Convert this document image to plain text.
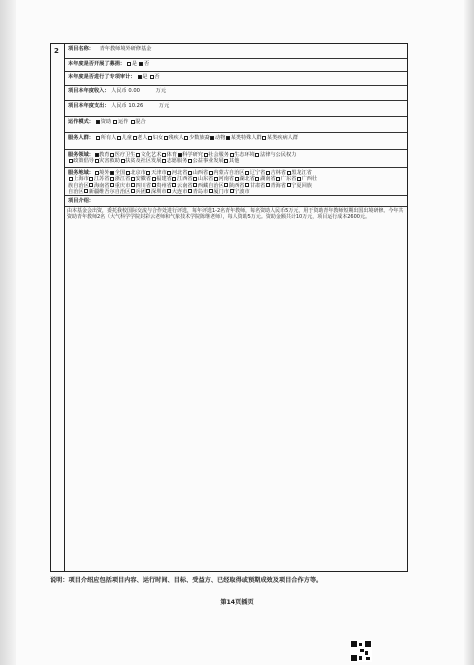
2	项目名称： 青年教师境外研修基金
本年度是否开展了募捐： 是 否
本年度是否进行了专项审计： 是 否
项目本年度收入： 人民币 0.00	万元
项目本年度支出： 人民币 10.26	万元
运作模式： 资助 运作 混合
服务人群： 所有人 儿童 老人 妇女 残疾人 少数族裔 动物 某类特殊人群 某类疾病人群
服务领域： 教育 医疗卫生 文化艺术 体育 科学研究 社会服务 生态环境 法律与公民权力
政策倡导 灾害救助 扶贫及社区发展 志愿服务 公益事业发展 其他
服务地域： 境外 全国 北京市 天津市 河北省 山西省 内蒙古自治区 辽宁省 吉林省 黑龙江省
上海市 江苏省 浙江省 安徽省 福建省 江西省 山东省 河南省 湖北省 湖南省 广东省 广西壮
族自治区 海南省 重庆市 四川省 贵州省 云南省 西藏自治区 陕西省 甘肃省 青海省 宁夏回族
自治区 新疆维吾尔自治区 兵团 深圳市 大连市 青岛市 厦门市 宁波市
项目介绍：
由本基金会出资，委托我校国际交流与合作处进行评选，每年评选1-2名青年教师，每名资助人民币5万元，用于资助青年教师短期出国出境研修。今年共资助青年教师2名（大气科学学院封彩云老师和气象技术学院陈继老师），每人资助5万元。资助金额共计10万元，项目运行成本2600元。
说明：项目介绍应包括项目内容、运行时间、目标、受益方、已经取得或预期成效及项目合作方等。
第14页插页
